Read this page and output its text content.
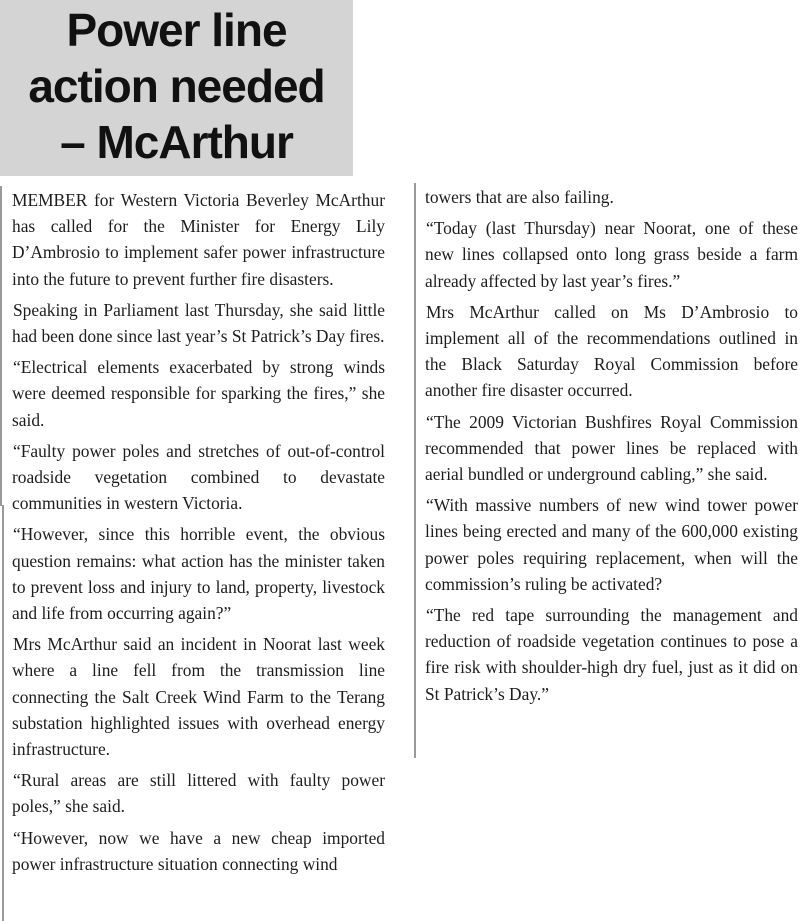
Power line
action needed
– McArthur

MEMBER for Western Victoria Beverley McArthur has called for the Minister for Energy Lily D’Ambrosio to implement safer power infrastructure into the future to prevent further fire disasters.

Speaking in Parliament last Thursday, she said little had been done since last year’s St Patrick’s Day fires.

“Electrical elements exacerbated by strong winds were deemed responsible for sparking the fires,” she said.

“Faulty power poles and stretches of out-of-control roadside vegetation combined to devastate communities in western Victoria.

“However, since this horrible event, the obvious question remains: what action has the minister taken to prevent loss and injury to land, property, livestock and life from occurring again?”

Mrs McArthur said an incident in Noorat last week where a line fell from the transmission line connecting the Salt Creek Wind Farm to the Terang substation highlighted issues with overhead energy infrastructure.

“Rural areas are still littered with faulty power poles,” she said.

“However, now we have a new cheap imported power infrastructure situation connecting wind

towers that are also failing.

“Today (last Thursday) near Noorat, one of these new lines collapsed onto long grass beside a farm already affected by last year’s fires.”

Mrs McArthur called on Ms D’Ambrosio to implement all of the recommendations outlined in the Black Saturday Royal Commission before another fire disaster occurred.

“The 2009 Victorian Bushfires Royal Commission recommended that power lines be replaced with aerial bundled or underground cabling,” she said.

“With massive numbers of new wind tower power lines being erected and many of the 600,000 existing power poles requiring replacement, when will the commission’s ruling be activated?

“The red tape surrounding the management and reduction of roadside vegetation continues to pose a fire risk with shoulder-high dry fuel, just as it did on St Patrick’s Day.”
